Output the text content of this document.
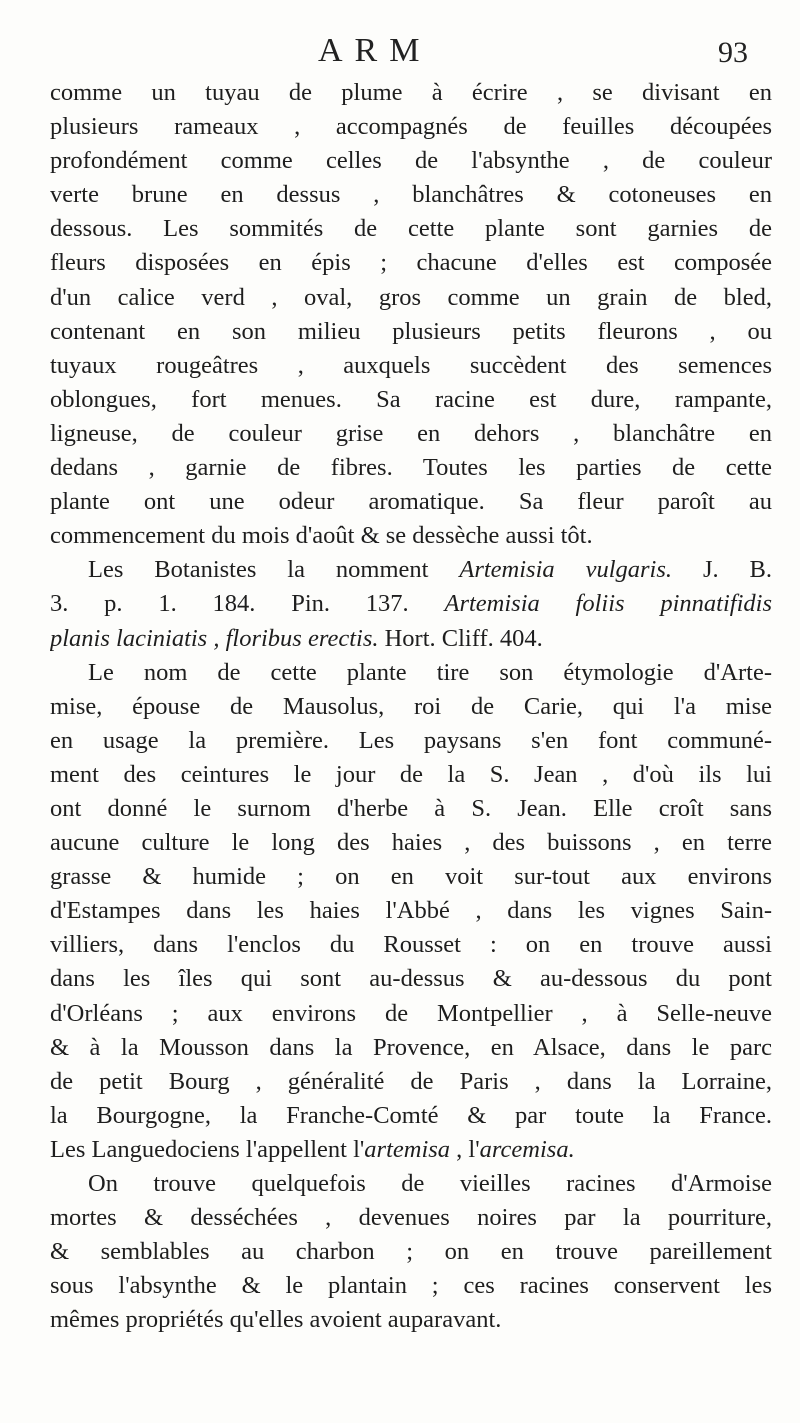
ARM	93
comme un tuyau de plume à écrire , se divisant en
plusieurs rameaux , accompagnés de feuilles découpées
profondément comme celles de l'absynthe , de couleur
verte brune en dessus , blanchâtres & cotoneuses en
dessous. Les sommités de cette plante sont garnies de
fleurs disposées en épis ; chacune d'elles est composée
d'un calice verd , oval, gros comme un grain de bled,
contenant en son milieu plusieurs petits fleurons , ou
tuyaux rougeâtres , auxquels succèdent des semences
oblongues, fort menues. Sa racine est dure, rampante,
ligneuse, de couleur grise en dehors , blanchâtre en
dedans , garnie de fibres. Toutes les parties de cette
plante ont une odeur aromatique. Sa fleur paroît au
commencement du mois d'août & se dessèche aussi tôt.
Les Botanistes la nomment Artemisia vulgaris. J. B.
3. p. 1. 184. Pin. 137. Artemisia foliis pinnatifidis
planis laciniatis , floribus erectis. Hort. Cliff. 404.
Le nom de cette plante tire son étymologie d'Arte-
mise, épouse de Mausolus, roi de Carie, qui l'a mise
en usage la première. Les paysans s'en font communé-
ment des ceintures le jour de la S. Jean , d'où ils lui
ont donné le surnom d'herbe à S. Jean. Elle croît sans
aucune culture le long des haies , des buissons , en terre
grasse & humide ; on en voit sur-tout aux environs
d'Estampes dans les haies l'Abbé , dans les vignes Sain-
villiers, dans l'enclos du Rousset : on en trouve aussi
dans les îles qui sont au-dessus & au-dessous du pont
d'Orléans ; aux environs de Montpellier , à Selle-neuve
& à la Mousson dans la Provence, en Alsace, dans le parc
de petit Bourg , généralité de Paris , dans la Lorraine,
la Bourgogne, la Franche-Comté & par toute la France.
Les Languedociens l'appellent l'artemisa , l'arcemisa.
On trouve quelquefois de vieilles racines d'Armoise
mortes & desséchées , devenues noires par la pourriture,
& semblables au charbon ; on en trouve pareillement
sous l'absynthe & le plantain ; ces racines conservent les
mêmes propriétés qu'elles avoient auparavant.
